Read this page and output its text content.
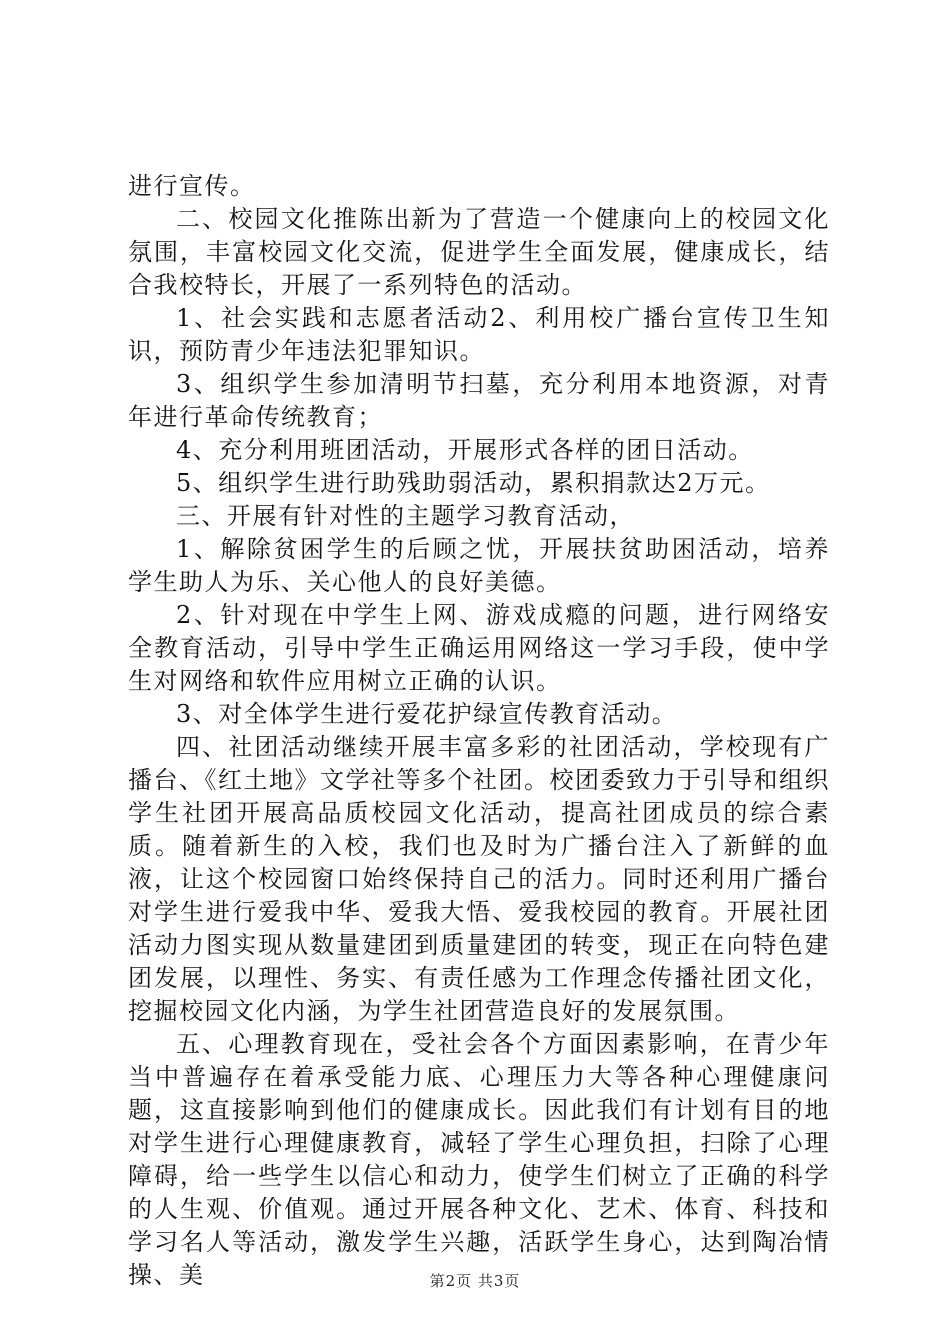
进行宣传。

二、校园文化推陈出新为了营造一个健康向上的校园文化氛围，丰富校园文化交流，促进学生全面发展，健康成长，结合我校特长，开展了一系列特色的活动。

1、社会实践和志愿者活动2、利用校广播台宣传卫生知识，预防青少年违法犯罪知识。

3、组织学生参加清明节扫墓，充分利用本地资源，对青年进行革命传统教育；

4、充分利用班团活动，开展形式各样的团日活动。

5、组织学生进行助残助弱活动，累积捐款达2万元。

三、开展有针对性的主题学习教育活动，

1、解除贫困学生的后顾之忧，开展扶贫助困活动，培养学生助人为乐、关心他人的良好美德。

2、针对现在中学生上网、游戏成瘾的问题，进行网络安全教育活动，引导中学生正确运用网络这一学习手段，使中学生对网络和软件应用树立正确的认识。

3、对全体学生进行爱花护绿宣传教育活动。

四、社团活动继续开展丰富多彩的社团活动，学校现有广播台、《红土地》文学社等多个社团。校团委致力于引导和组织学生社团开展高品质校园文化活动，提高社团成员的综合素质。随着新生的入校，我们也及时为广播台注入了新鲜的血液，让这个校园窗口始终保持自己的活力。同时还利用广播台对学生进行爱我中华、爱我大悟、爱我校园的教育。开展社团活动力图实现从数量建团到质量建团的转变，现正在向特色建团发展，以理性、务实、有责任感为工作理念传播社团文化，挖掘校园文化内涵，为学生社团营造良好的发展氛围。

五、心理教育现在，受社会各个方面因素影响，在青少年当中普遍存在着承受能力底、心理压力大等各种心理健康问题，这直接影响到他们的健康成长。因此我们有计划有目的地对学生进行心理健康教育，减轻了学生心理负担，扫除了心理障碍，给一些学生以信心和动力，使学生们树立了正确的科学的人生观、价值观。通过开展各种文化、艺术、体育、科技和学习名人等活动，激发学生兴趣，活跃学生身心，达到陶冶情操、美	第2页 共3页
